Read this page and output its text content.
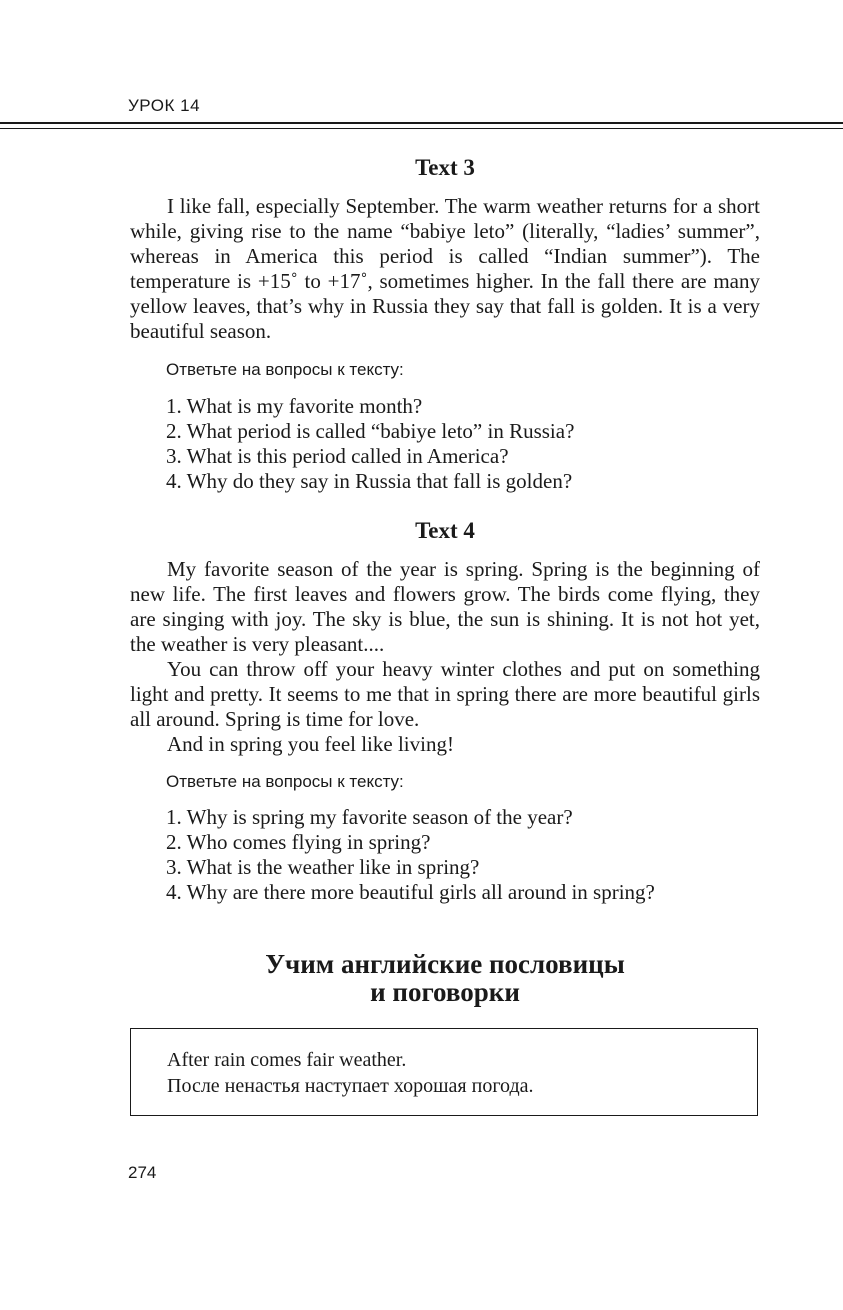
УРОК 14
Text 3

I like fall, especially September. The warm weather returns for a short while, giving rise to the name “babiye leto” (literally, “ladies’ summer”, whereas in America this period is called “Indian summer”). The temperature is +15˚ to +17˚, sometimes higher. In the fall there are many yellow leaves, that’s why in Russia they say that fall is golden. It is a very beautiful season.

Ответьте на вопросы к тексту:
1. What is my favorite month?
2. What period is called “babiye leto” in Russia?
3. What is this period called in America?
4. Why do they say in Russia that fall is golden?
Text 4

My favorite season of the year is spring. Spring is the beginning of new life. The first leaves and flowers grow. The birds come flying, they are singing with joy. The sky is blue, the sun is shining. It is not hot yet, the weather is very pleasant....

You can throw off your heavy winter clothes and put on something light and pretty. It seems to me that in spring there are more beautiful girls all around. Spring is time for love.

And in spring you feel like living!

Ответьте на вопросы к тексту:
1. Why is spring my favorite season of the year?
2. Who comes flying in spring?
3. What is the weather like in spring?
4. Why are there more beautiful girls all around in spring?
Учим английские пословицы
и поговорки
After rain comes fair weather.
После ненастья наступает хорошая погода.
274
